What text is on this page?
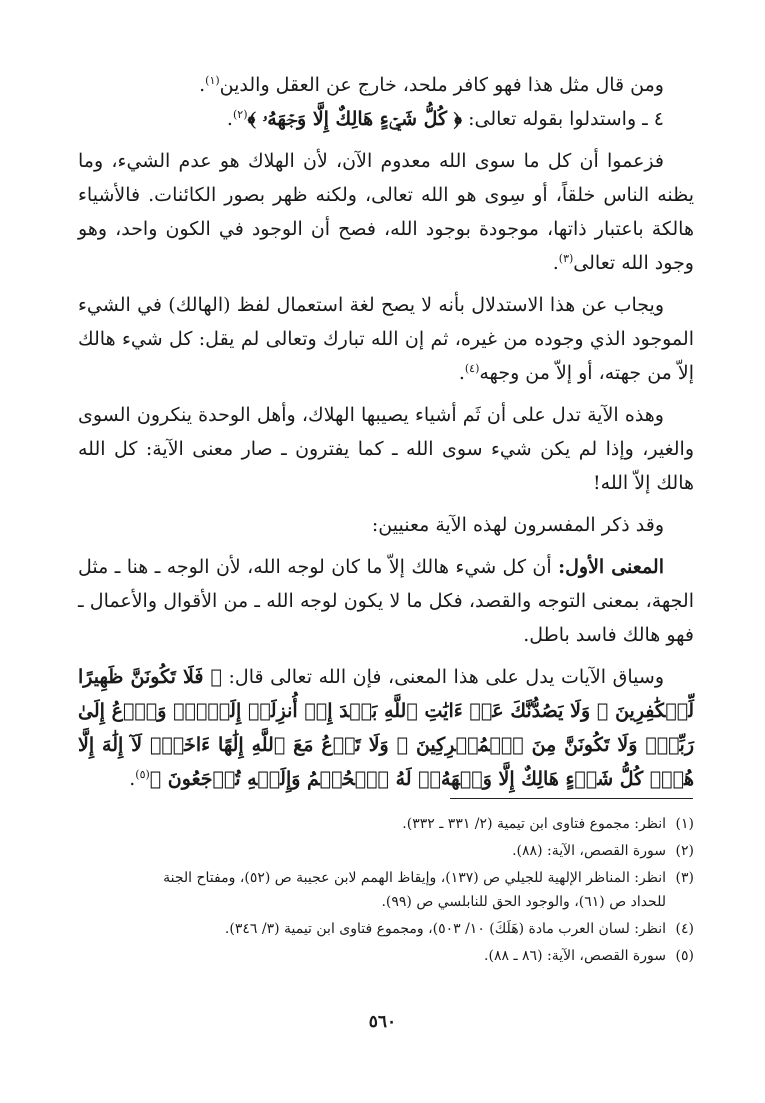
ومن قال مثل هذا فهو كافر ملحد، خارج عن العقل والدين$^{(١)}$.

٤ ـ واستدلوا بقوله تعالى: ﴿ كُلُّ شَيۡءٍ هَالِكٌ إِلَّا وَجۡهَهُۥ ﴾$^{(٢)}$.

فزعموا أن كل ما سوى الله معدوم الآن، لأن الهلاك هو عدم الشيء، وما يظنه الناس خلقاً، أو سِوى هو الله تعالى، ولكنه ظهر بصور الكائنات. فالأشياء هالكة باعتبار ذاتها، موجودة بوجود الله، فصح أن الوجود في الكون واحد، وهو وجود الله تعالى$^{(٣)}$.

ويجاب عن هذا الاستدلال بأنه لا يصح لغة استعمال لفظ (الهالك) في الشيء الموجود الذي وجوده من غيره، ثم إن الله تبارك وتعالى لم يقل: كل شيء هالك إلاّ من جهته، أو إلاّ من وجهه$^{(٤)}$.

وهذه الآية تدل على أن ثَم أشياء يصيبها الهلاك، وأهل الوحدة ينكرون السوى والغير، وإذا لم يكن شيء سوى الله ـ كما يفترون ـ صار معنى الآية: كل الله هالك إلاّ الله!

وقد ذكر المفسرون لهذه الآية معنيين:

المعنى الأول: أن كل شيء هالك إلاّ ما كان لوجه الله، لأن الوجه ـ هنا ـ مثل الجهة، بمعنى التوجه والقصد، فكل ما لا يكون لوجه الله ـ من الأقوال والأعمال ـ فهو هالك فاسد باطل.

وسياق الآيات يدل على هذا المعنى، فإن الله تعالى قال: ﴿ فَلَا تَكُونَنَّ ظَهِيرًا لِّلۡكَٰفِرِينَ ۞ وَلَا يَصُدُّنَّكَ عَنۡ ءَايَٰتِ ٱللَّهِ بَعۡدَ إِذۡ أُنزِلَتۡ إِلَيۡكَۖ وَٱدۡعُ إِلَىٰ رَبِّكَۖ وَلَا تَكُونَنَّ مِنَ ٱلۡمُشۡرِكِينَ ۞ وَلَا تَدۡعُ مَعَ ٱللَّهِ إِلَٰهًا ءَاخَرَۘ لَآ إِلَٰهَ إِلَّا هُوَۚ كُلُّ شَيۡءٍ هَالِكٌ إِلَّا وَجۡهَهُۥۚ لَهُ ٱلۡحُكۡمُ وَإِلَيۡهِ تُرۡجَعُونَ ﴾$^{(٥)}$.

(١)انظر: مجموع فتاوى ابن تيمية (٢/ ٣٣١ ـ ٣٣٢).
(٢)سورة القصص، الآية: (٨٨).
(٣)انظر: المناظر الإلهية للجيلي ص (١٣٧)، وإيقاظ الهمم لابن عجيبة ص (٥٢)، ومفتاح الجنة
للحداد ص (٦١)، والوجود الحق للنابلسي ص (٩٩).
(٤)انظر: لسان العرب مادة (هَلَكَ) ١٠/ ٥٠٣)، ومجموع فتاوى ابن تيمية (٣/ ٣٤٦).
(٥)سورة القصص، الآية: (٨٦ ـ ٨٨).
٥٦٠
